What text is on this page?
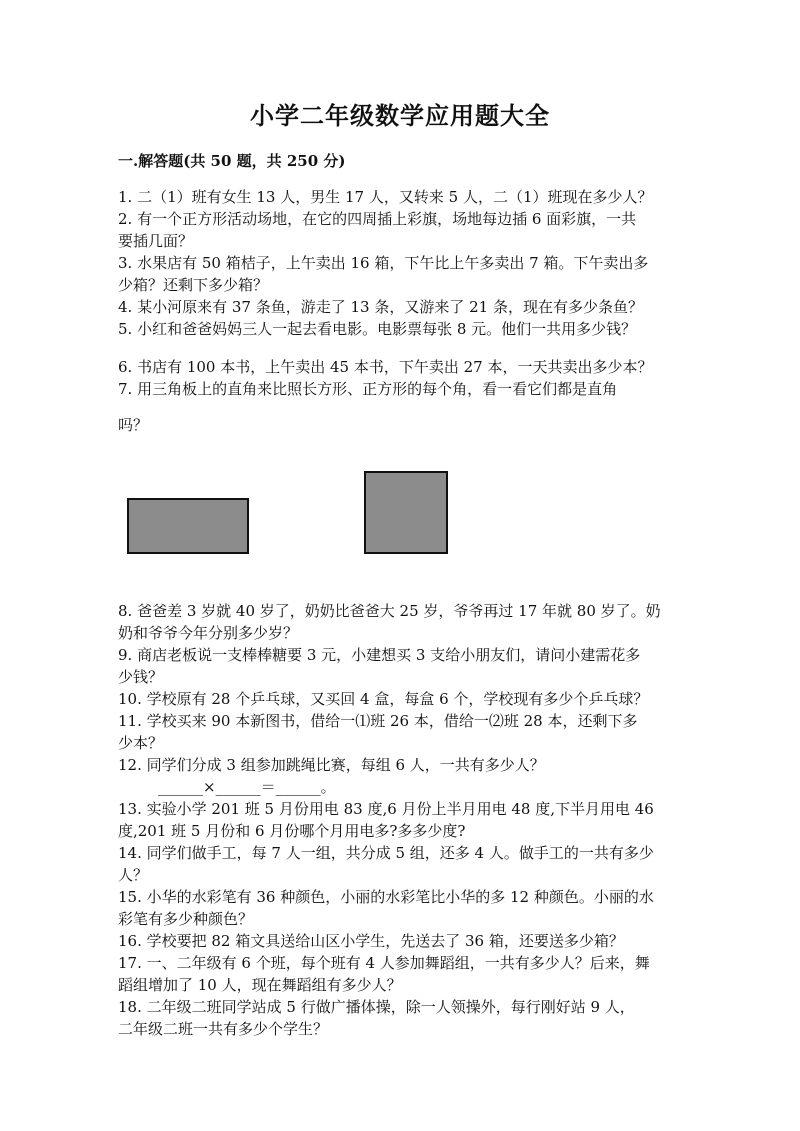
小学二年级数学应用题大全
一.解答题(共 50 题，共 250 分)
1. 二（1）班有女生 13 人，男生 17 人，又转来 5 人，二（1）班现在多少人？
2. 有一个正方形活动场地，在它的四周插上彩旗，场地每边插 6 面彩旗，一共
要插几面？
3. 水果店有 50 箱桔子，上午卖出 16 箱，下午比上午多卖出 7 箱。下午卖出多
少箱？还剩下多少箱？
4. 某小河原来有 37 条鱼，游走了 13 条，又游来了 21 条，现在有多少条鱼？
5. 小红和爸爸妈妈三人一起去看电影。电影票每张 8 元。他们一共用多少钱？
6. 书店有 100 本书，上午卖出 45 本书，下午卖出 27 本，一天共卖出多少本？
7. 用三角板上的直角来比照长方形、正方形的每个角，看一看它们都是直角
吗？
8. 爸爸差 3 岁就 40 岁了，奶奶比爸爸大 25 岁，爷爷再过 17 年就 80 岁了。奶
奶和爷爷今年分别多少岁？
9. 商店老板说一支棒棒糖要 3 元，小建想买 3 支给小朋友们，请问小建需花多
少钱？
10. 学校原有 28 个乒乓球，又买回 4 盒，每盒 6 个，学校现有多少个乒乓球？
11. 学校买来 90 本新图书，借给一⑴班 26 本，借给一⑵班 28 本，还剩下多
少本？
12. 同学们分成 3 组参加跳绳比赛，每组 6 人，一共有多少人？
______×______＝______。
13. 实验小学 201 班 5 月份用电 83 度,6 月份上半月用电 48 度,下半月用电 46
度,201 班 5 月份和 6 月份哪个月用电多?多多少度?
14. 同学们做手工，每 7 人一组，共分成 5 组，还多 4 人。做手工的一共有多少
人？
15. 小华的水彩笔有 36 种颜色，小丽的水彩笔比小华的多 12 种颜色。小丽的水
彩笔有多少种颜色？
16. 学校要把 82 箱文具送给山区小学生，先送去了 36 箱，还要送多少箱？
17. 一、二年级有 6 个班，每个班有 4 人参加舞蹈组，一共有多少人？后来，舞
蹈组增加了 10 人，现在舞蹈组有多少人？
18. 二年级二班同学站成 5 行做广播体操，除一人领操外，每行刚好站 9 人，
二年级二班一共有多少个学生？
